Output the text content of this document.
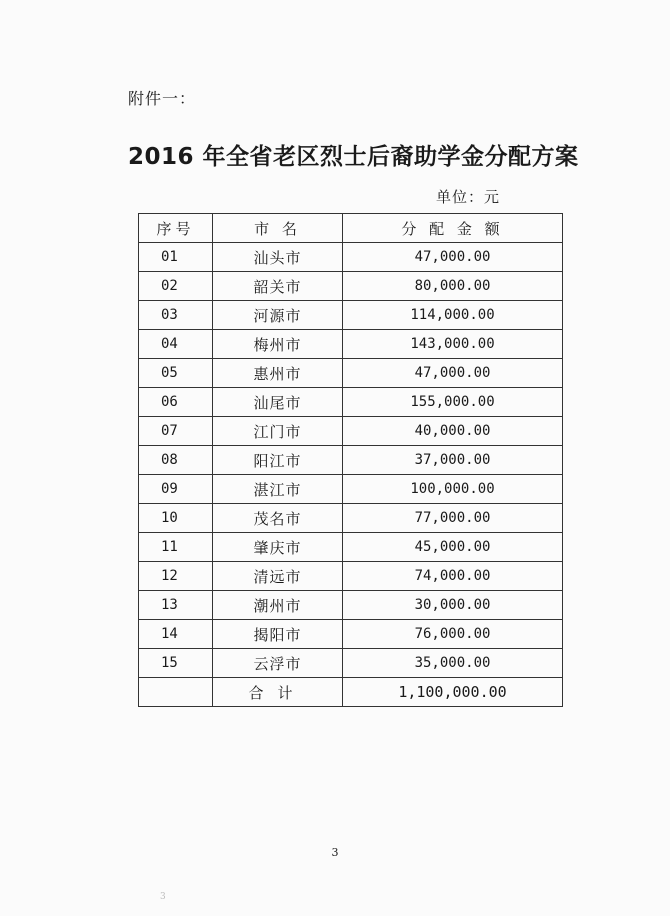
附件一：
2016 年全省老区烈士后裔助学金分配方案
单位：元
序号	市 名	分 配 金 额
01	汕头市	47,000.00
02	韶关市	80,000.00
03	河源市	114,000.00
04	梅州市	143,000.00
05	惠州市	47,000.00
06	汕尾市	155,000.00
07	江门市	40,000.00
08	阳江市	37,000.00
09	湛江市	100,000.00
10	茂名市	77,000.00
11	肇庆市	45,000.00
12	清远市	74,000.00
13	潮州市	30,000.00
14	揭阳市	76,000.00
15	云浮市	35,000.00
	合计	1,100,000.00
3
3
